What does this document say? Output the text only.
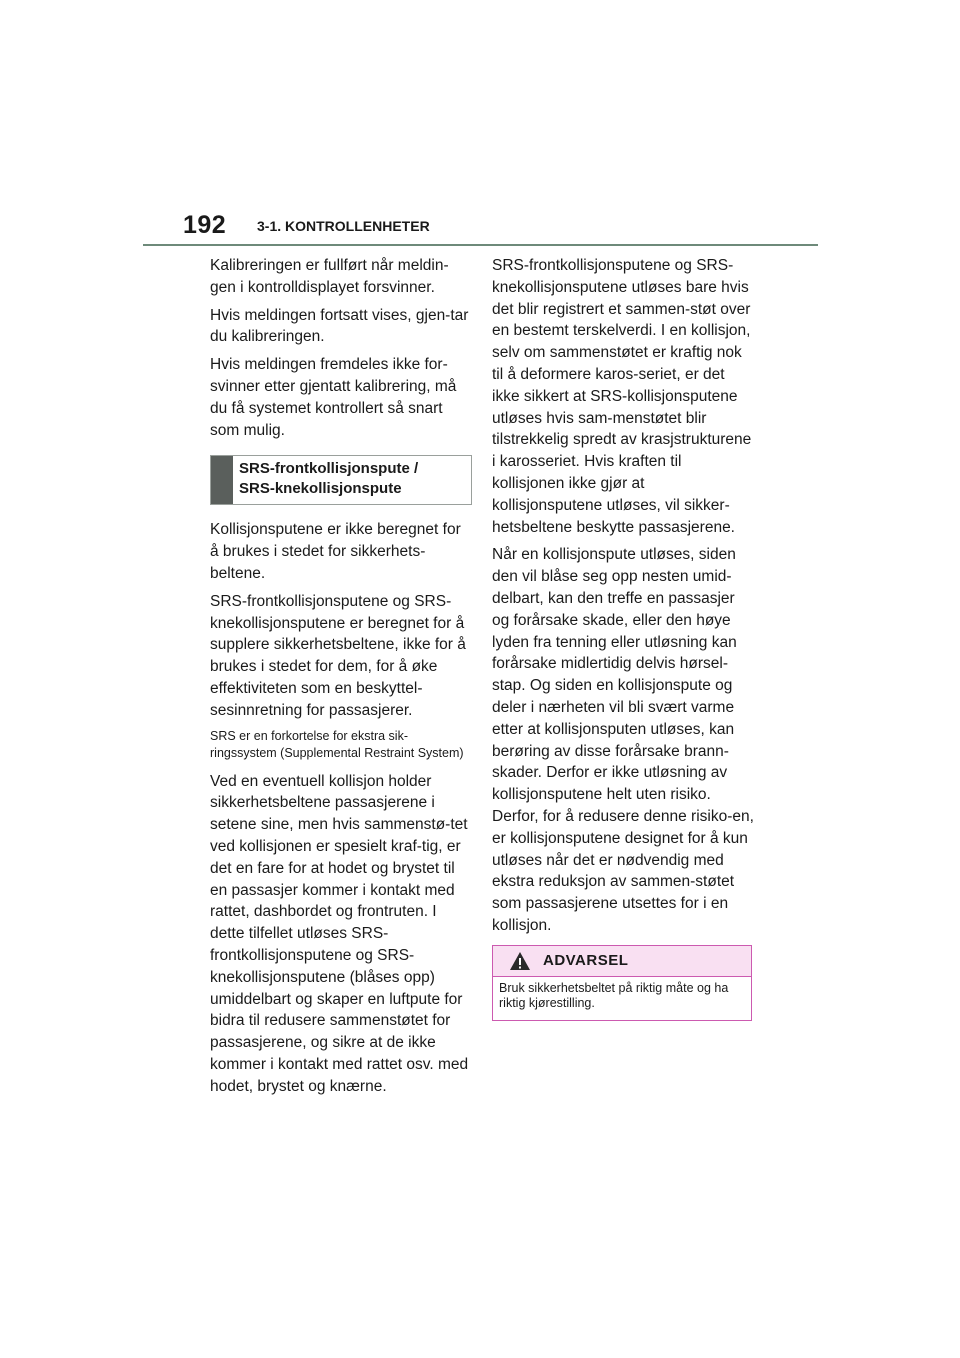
192 3-1. KONTROLLENHETER

Kalibreringen er fullført når meldin-gen i kontrolldisplayet forsvinner.

Hvis meldingen fortsatt vises, gjen-tar du kalibreringen.

Hvis meldingen fremdeles ikke for-svinner etter gjentatt kalibrering, må du få systemet kontrollert så snart som mulig.

SRS-frontkollisjonspute /
SRS-knekollisjonspute

Kollisjonsputene er ikke beregnet for å brukes i stedet for sikkerhets-beltene.

SRS-frontkollisjonsputene og SRS-knekollisjonsputene er beregnet for å supplere sikkerhetsbeltene, ikke for å brukes i stedet for dem, for å øke effektiviteten som en beskyttel-sesinnretning for passasjerer.

SRS er en forkortelse for ekstra sik-ringssystem (Supplemental Restraint System)

Ved en eventuell kollisjon holder sikkerhetsbeltene passasjerene i setene sine, men hvis sammenstø-tet ved kollisjonen er spesielt kraf-tig, er det en fare for at hodet og brystet til en passasjer kommer i kontakt med rattet, dashbordet og frontruten. I dette tilfellet utløses SRS-frontkollisjonsputene og SRS-knekollisjonsputene (blåses opp) umiddelbart og skaper en luftpute for bidra til redusere sammenstøtet for passasjerene, og sikre at de ikke kommer i kontakt med rattet osv. med hodet, brystet og knærne.

SRS-frontkollisjonsputene og SRS-knekollisjonsputene utløses bare hvis det blir registrert et sammen-støt over en bestemt terskelverdi. I en kollisjon, selv om sammenstøtet er kraftig nok til å deformere karos-seriet, er det ikke sikkert at SRS-kollisjonsputene utløses hvis sam-menstøtet blir tilstrekkelig spredt av krasjstrukturene i karosseriet. Hvis kraften til kollisjonen ikke gjør at kollisjonsputene utløses, vil sikker-hetsbeltene beskytte passasjerene.

Når en kollisjonspute utløses, siden den vil blåse seg opp nesten umid-delbart, kan den treffe en passasjer og forårsake skade, eller den høye lyden fra tenning eller utløsning kan forårsake midlertidig delvis hørsel-stap. Og siden en kollisjonspute og deler i nærheten vil bli svært varme etter at kollisjonsputen utløses, kan berøring av disse forårsake brann-skader. Derfor er ikke utløsning av kollisjonsputene helt uten risiko. Derfor, for å redusere denne risiko-en, er kollisjonsputene designet for å kun utløses når det er nødvendig med ekstra reduksjon av sammen-støtet som passasjerene utsettes for i en kollisjon.

ADVARSEL
Bruk sikkerhetsbeltet på riktig måte og ha riktig kjørestilling.
